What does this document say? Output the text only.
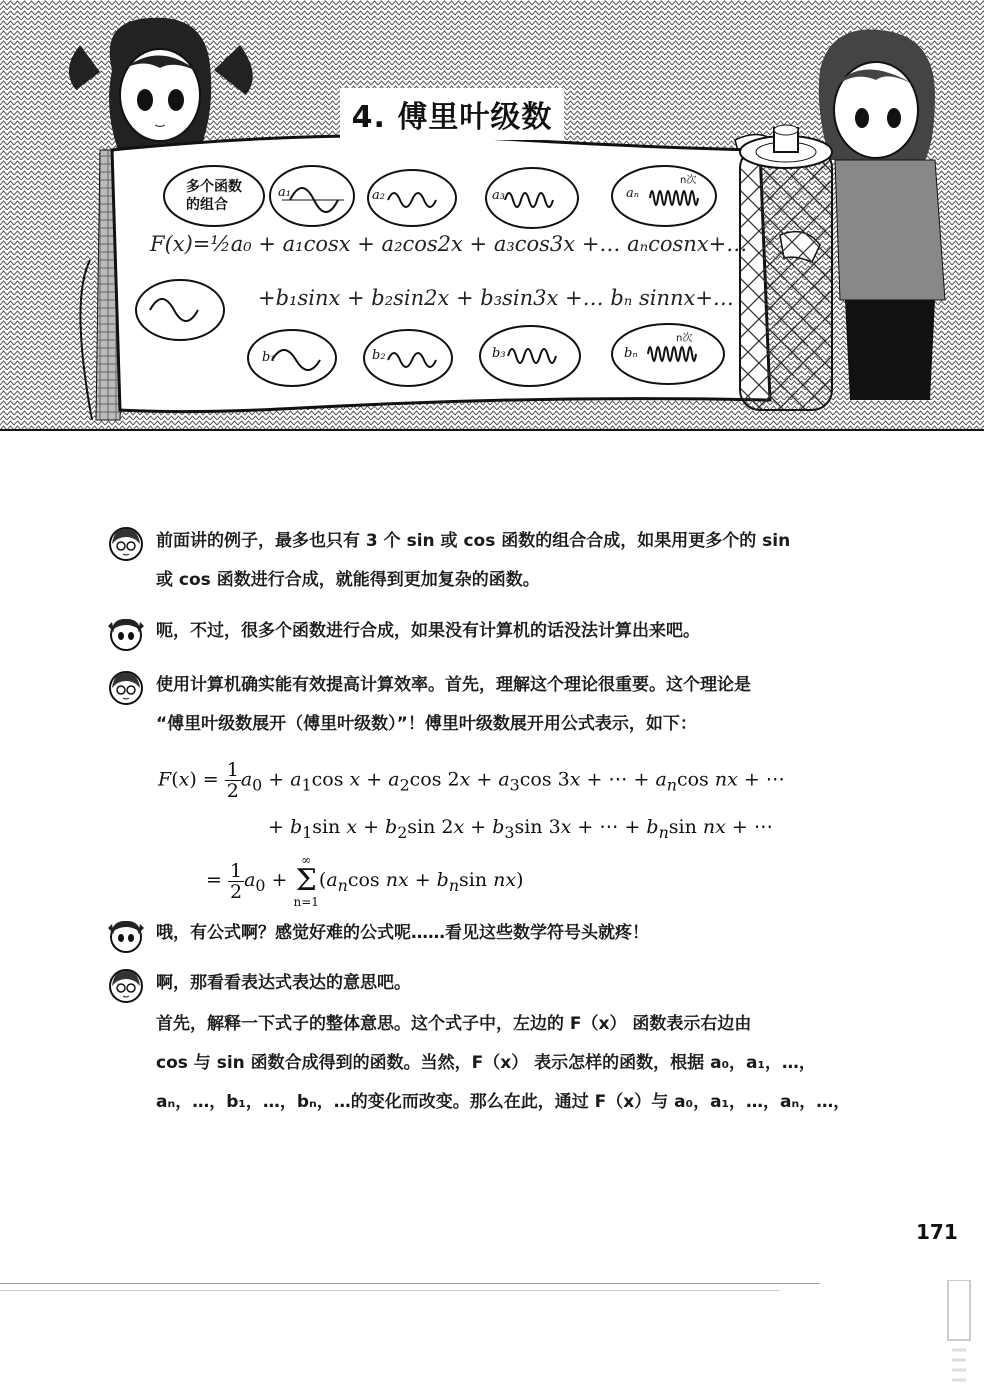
4. 傅里叶级数
多个函数
的组合
a₁	a₂	a₃	aₙ
n次
b₁	b₂	b₃	bₙ
n次
F(x)=½a₀ + a₁cosx + a₂cos2x + a₃cos3x +… aₙcosnx+…
+b₁sinx + b₂sin2x + b₃sin3x +… bₙ sinnx+…
前面讲的例子，最多也只有 3 个 sin 或 cos 函数的组合合成，如果用更多个的 sin
或 cos 函数进行合成，就能得到更加复杂的函数。
呃，不过，很多个函数进行合成，如果没有计算机的话没法计算出来吧。
使用计算机确实能有效提高计算效率。首先，理解这个理论很重要。这个理论是
“傅里叶级数展开（傅里叶级数）”！傅里叶级数展开用公式表示，如下：
$F(x) = \frac{1}{2} a_0 + a_1\cos$ $x + a_2\cos$ $2x + a_3\cos$ 3x + ⋯ + $a_n\cos$ nx + ⋯
+ $b_1\sin$ $x + b_2\sin$ $2x + b_3\sin$ 3x + ⋯ + $b_n\sin$ nx + ⋯
= $\frac{1}{2} a_0$ + ∞
Σ
$n=1(a_n\cos$ nx + $b_n\sin$ nx)
哦，有公式啊？感觉好难的公式呢……看见这些数学符号头就疼！
啊，那看看表达式表达的意思吧。
首先，解释一下式子的整体意思。这个式子中，左边的 F（x） 函数表示右边由
cos 与 sin 函数合成得到的函数。当然，F（x） 表示怎样的函数，根据 a₀，a₁，…，
aₙ，…，b₁，…，bₙ，…的变化而改变。那么在此，通过 F（x）与 a₀，a₁，…，aₙ，…，
171
